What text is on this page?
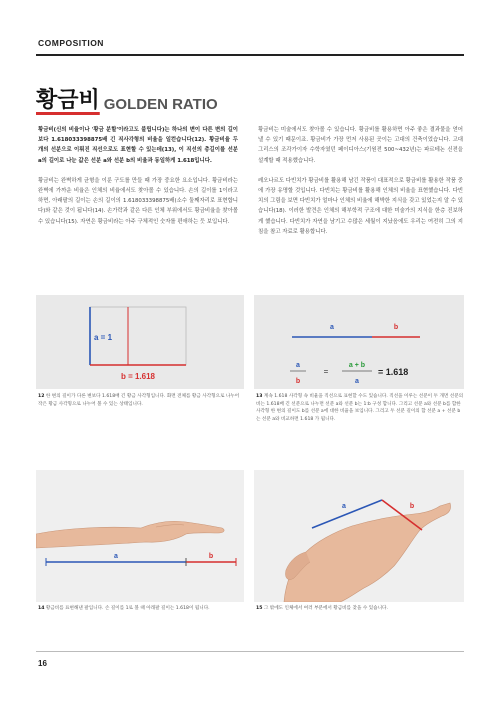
COMPOSITION
황금비 GOLDEN RATIO

황금비(신의 비율이나 '황금 분할'이라고도 불립니다)는 하나의 변이 다른 변의 길이보다 1.618033398875배 긴 직사각형의 비율을 일컫습니다(12). 황금비율 두 개의 선분으로 이뤄진 직선으로도 표현할 수 있는데(13), 이 직선의 총길이를 선분 a의 길이로 나눈 값은 선분 a와 선분 b의 비율과 동일하게 1.618입니다.

황금비는 완벽하게 균형을 이룬 구도를 만들 때 가장 중요한 요소입니다. 황금비라는 완벽에 가까운 비율은 인체의 비율에서도 찾아볼 수 있습니다. 손의 길이를 1이라고 하면, 아래팔의 길이는 손의 길이의 1.618033398875배(소수 둘째자리로 표현합니다)와 같은 것이 됩니다(14). 손가락과 같은 다른 인체 부위에서도 황금비율을 찾아볼 수 있습니다(15). 자연은 황금비라는 아주 구체적인 숫자를 편애하는 듯 보입니다.

황금비는 미술에서도 찾아볼 수 있습니다. 황금비를 활용하면 아주 좋은 결과물을 얻어낼 수 있기 때문이죠. 황금비가 가장 먼저 사용된 곳이는 고대의 건축이었습니다. 고대 그리스의 조각가이자 수학자였던 페이디아스(기원전 500~432년)는 파르테논 신전을 설계할 때 적용했습니다.

레오나르도 다빈치가 황금비를 활용해 남긴 작품이 대표적으로 황금비를 활용한 작품 중에 가장 유명할 것입니다. 다빈치는 황금비를 활용해 인체의 비율을 표현했습니다. 다빈치의 그림을 보면 다빈치가 얼마나 인체의 비율에 해박한 지식을 갖고 있었는지 알 수 있습니다(18). 이러한 발견은 인체의 해부학적 구조에 대한 미술가의 지식을 한층 진보하게 했습니다. 다빈치가 자연을 남기고 수많은 세월이 지났음에도 우리는 여전히 그의 지침을 참고 자료로 활용합니다.

a = 1
b = 1.618
a	b
a
b
=
a + b
a
= 1.618
a	b
a	b
12 한 변의 길이가 다른 변보다 1.618배 긴 황금 사각형입니다. 화면 전체를 황금 사각형으로 나누어 작은 황금 사각형으로 나누어 볼 수 있는 상태입니다.
13 계속 1.618 사각형 속 비율을 직선으로 표현할 수도 있습니다. 직선을 이루는 선분이 두 개면 선분의 비는 1.618배 긴 선분으로 나누면 선분 a와 선분 b는 1:b 구성 합니다. 그리고 선분 a와 선분 b를 합한 사각형 한 변의 길이도 b를 선분 a에 대한 비율을 보입니다. 그리고 두 선분 길이의 합 선분 a + 선분 b는 선분 a와 비교하면 1.618 가 됩니다.
14 황금비를 표현해낸 팔입니다. 손 길이를 1로 볼 때 아래팔 길이는 1.618이 됩니다.	15 그 밖에도 인체에서 여러 부분에서 황금비를 찾을 수 있습니다.
16
